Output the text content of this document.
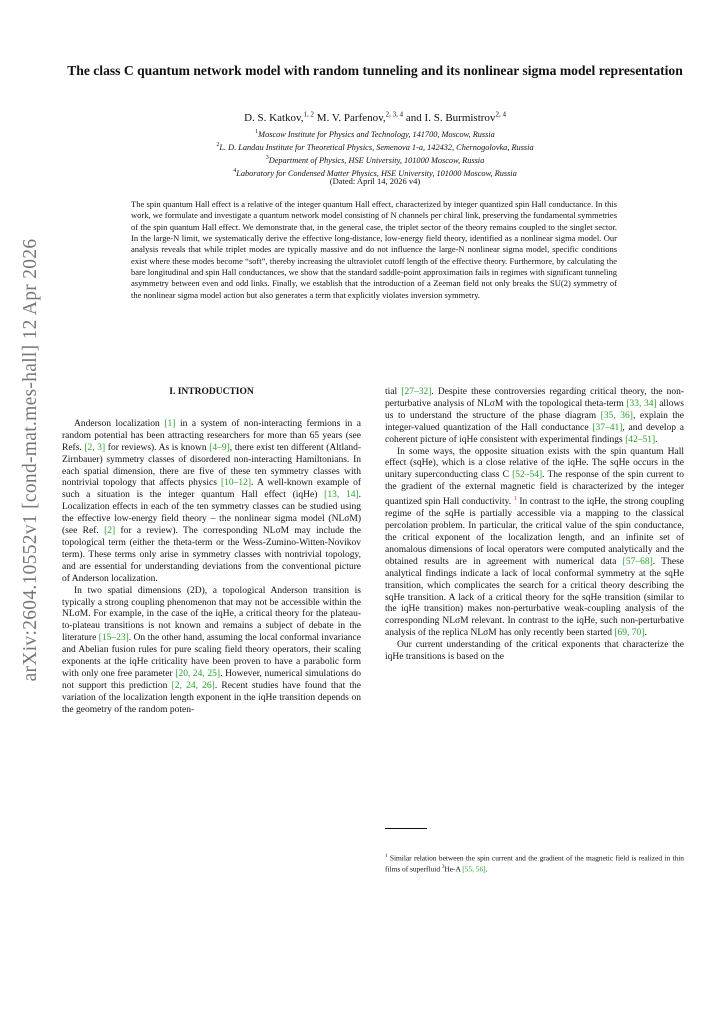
arXiv:2604.10552v1 [cond-mat.mes-hall] 12 Apr 2026
The class C quantum network model with random tunneling and its nonlinear sigma model representation
D. S. Katkov,$^{1, 2}$ M. V. Parfenov,$^{2, 3, 4}$ and I. S. Burmistrov$^{2, 4}$
$^1$Moscow Institute for Physics and Technology, 141700, Moscow, Russia
$^2$L. D. Landau Institute for Theoretical Physics, Semenova 1-a, 142432, Chernogolovka, Russia
$^3$Department of Physics, HSE University, 101000 Moscow, Russia
$^4$Laboratory for Condensed Matter Physics, HSE University, 101000 Moscow, Russia
(Dated: April 14, 2026 v4)
The spin quantum Hall effect is a relative of the integer quantum Hall effect, characterized by integer quantized spin Hall conductance. In this work, we formulate and investigate a quantum network model consisting of N channels per chiral link, preserving the fundamental symmetries of the spin quantum Hall effect. We demonstrate that, in the general case, the triplet sector of the theory remains coupled to the singlet sector. In the large-N limit, we systematically derive the effective long-distance, low-energy field theory, identified as a nonlinear sigma model. Our analysis reveals that while triplet modes are typically massive and do not influence the large-N nonlinear sigma model, specific conditions exist where these modes become “soft”, thereby increasing the ultraviolet cutoff length of the effective theory. Furthermore, by calculating the bare longitudinal and spin Hall conductances, we show that the standard saddle-point approximation fails in regimes with significant tunneling asymmetry between even and odd links. Finally, we establish that the introduction of a Zeeman field not only breaks the SU(2) symmetry of the nonlinear sigma model action but also generates a term that explicitly violates inversion symmetry.
I. INTRODUCTION

Anderson localization [1] in a system of non-interacting fermions in a random potential has been attracting researchers for more than 65 years (see Refs. [2, 3] for reviews). As is known [4–9], there exist ten different (Altland-Zirnbauer) symmetry classes of disordered non-interacting Hamiltonians. In each spatial dimension, there are five of these ten symmetry classes with nontrivial topology that affects physics [10–12]. A well-known example of such a situation is the integer quantum Hall effect (iqHe) [13, 14]. Localization effects in each of the ten symmetry classes can be studied using the effective low-energy field theory – the nonlinear sigma model (NLσM) (see Ref. [2] for a review). The corresponding NLσM may include the topological term (either the theta-term or the Wess-Zumino-Witten-Novikov term). These terms only arise in symmetry classes with nontrivial topology, and are essential for understanding deviations from the conventional picture of Anderson localization.

In two spatial dimensions (2D), a topological Anderson transition is typically a strong coupling phenomenon that may not be accessible within the NLσM. For example, in the case of the iqHe, a critical theory for the plateau-to-plateau transitions is not known and remains a subject of debate in the literature [15–23]. On the other hand, assuming the local conformal invariance and Abelian fusion rules for pure scaling field theory operators, their scaling exponents at the iqHe criticality have been proven to have a parabolic form with only one free parameter [20, 24, 25]. However, numerical simulations do not support this prediction [2, 24, 26]. Recent studies have found that the variation of the localization length exponent in the iqHe transition depends on the geometry of the random poten-

tial [27–32]. Despite these controversies regarding critical theory, the non-perturbative analysis of NLσM with the topological theta-term [33, 34] allows us to understand the structure of the phase diagram [35, 36], explain the integer-valued quantization of the Hall conductance [37–41], and develop a coherent picture of iqHe consistent with experimental findings [42–51].

In some ways, the opposite situation exists with the spin quantum Hall effect (sqHe), which is a close relative of the iqHe. The sqHe occurs in the unitary superconducting class C [52–54]. The response of the spin current to the gradient of the external magnetic field is characterized by the integer quantized spin Hall conductivity. $^1$ In contrast to the iqHe, the strong coupling regime of the sqHe is partially accessible via a mapping to the classical percolation problem. In particular, the critical value of the spin conductance, the critical exponent of the localization length, and an infinite set of anomalous dimensions of local operators were computed analytically and the obtained results are in agreement with numerical data [57–68]. These analytical findings indicate a lack of local conformal symmetry at the sqHe transition, which complicates the search for a critical theory describing the sqHe transition. A lack of a critical theory for the sqHe transition (similar to the iqHe transition) makes non-perturbative weak-coupling analysis of the corresponding NLσM relevant. In contrast to the iqHe, such non-perturbative analysis of the replica NLσM has only recently been started [69, 70].

Our current understanding of the critical exponents that characterize the iqHe transitions is based on the

$^1$ Similar relation between the spin current and the gradient of the magnetic field is realized in thin films of superfluid $^3$He-A [55, 56].
